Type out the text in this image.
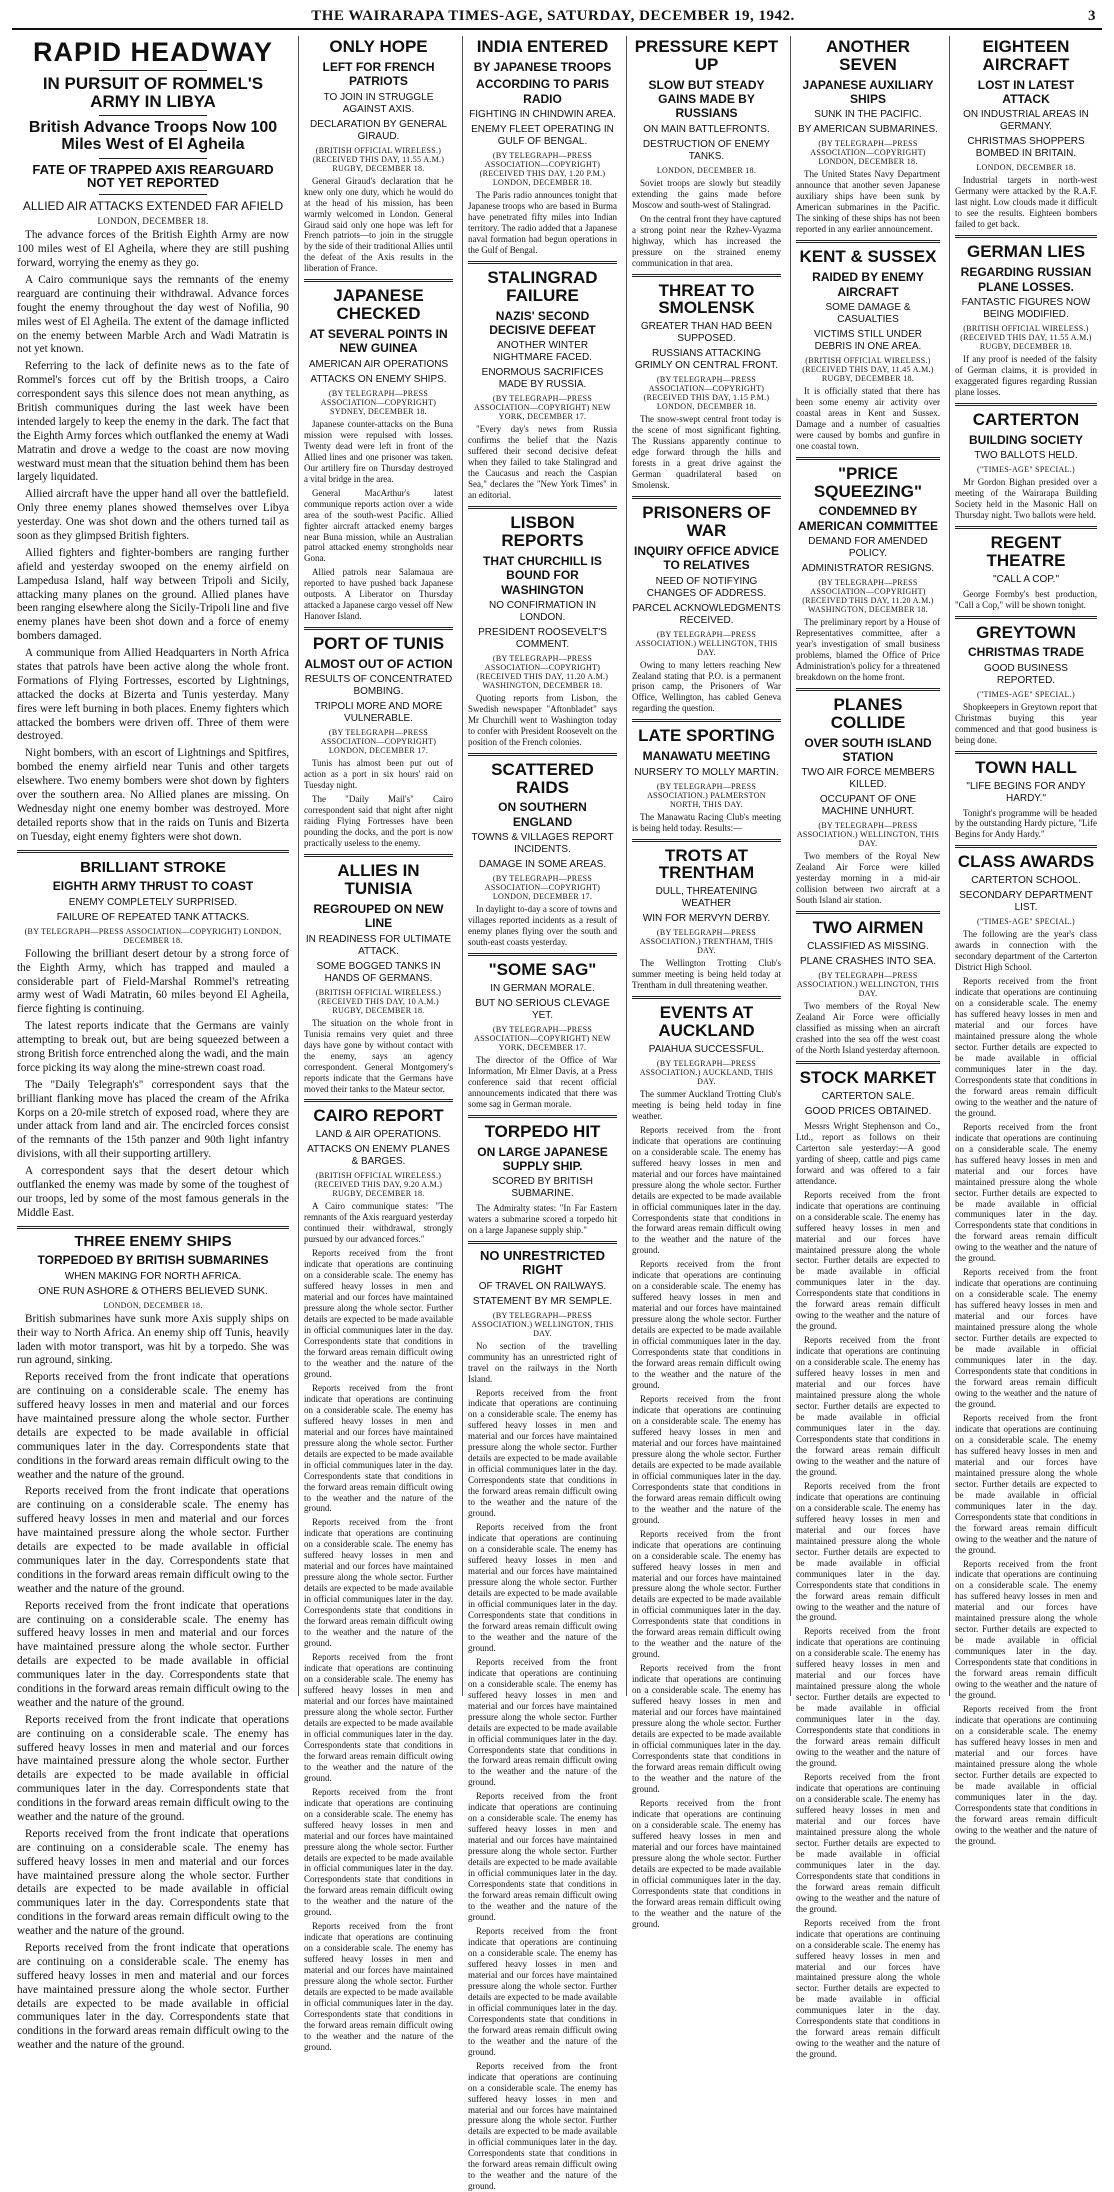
THE WAIRARAPA TIMES-AGE, SATURDAY, DECEMBER 19, 1942.	3
RAPID HEADWAY
IN PURSUIT OF ROMMEL'S ARMY IN LIBYA
British Advance Troops Now 100 Miles West of El Agheila
FATE OF TRAPPED AXIS REARGUARD NOT YET REPORTED
ALLIED AIR ATTACKS EXTENDED FAR AFIELD
LONDON, DECEMBER 18.

The advance forces of the British Eighth Army are now 100 miles west of El Agheila, where they are still pushing forward, worrying the enemy as they go.

A Cairo communique says the remnants of the enemy rearguard are continuing their withdrawal. Advance forces fought the enemy throughout the day west of Nofilia, 90 miles west of El Agheila. The extent of the damage inflicted on the enemy between Marble Arch and Wadi Matratin is not yet known.

Referring to the lack of definite news as to the fate of Rommel's forces cut off by the British troops, a Cairo correspondent says this silence does not mean anything, as British communiques during the last week have been intended largely to keep the enemy in the dark. The fact that the Eighth Army forces which outflanked the enemy at Wadi Matratin and drove a wedge to the coast are now moving westward must mean that the situation behind them has been largely liquidated.

Allied aircraft have the upper hand all over the battlefield. Only three enemy planes showed themselves over Libya yesterday. One was shot down and the others turned tail as soon as they glimpsed British fighters.

Allied fighters and fighter-bombers are ranging further afield and yesterday swooped on the enemy airfield on Lampedusa Island, half way between Tripoli and Sicily, attacking many planes on the ground. Allied planes have been ranging elsewhere along the Sicily-Tripoli line and five enemy planes have been shot down and a force of enemy bombers damaged.

A communique from Allied Headquarters in North Africa states that patrols have been active along the whole front. Formations of Flying Fortresses, escorted by Lightnings, attacked the docks at Bizerta and Tunis yesterday. Many fires were left burning in both places. Enemy fighters which attacked the bombers were driven off. Three of them were destroyed.

Night bombers, with an escort of Lightnings and Spitfires, bombed the enemy airfield near Tunis and other targets elsewhere. Two enemy bombers were shot down by fighters over the southern area. No Allied planes are missing. On Wednesday night one enemy bomber was destroyed. More detailed reports show that in the raids on Tunis and Bizerta on Tuesday, eight enemy fighters were shot down.

BRILLIANT STROKE
EIGHTH ARMY THRUST TO COAST
ENEMY COMPLETELY SURPRISED.
FAILURE OF REPEATED TANK ATTACKS.
(BY TELEGRAPH—PRESS ASSOCIATION—COPYRIGHT) LONDON, DECEMBER 18.

Following the brilliant desert detour by a strong force of the Eighth Army, which has trapped and mauled a considerable part of Field-Marshal Rommel's retreating army west of Wadi Matratin, 60 miles beyond El Agheila, fierce fighting is continuing.

The latest reports indicate that the Germans are vainly attempting to break out, but are being squeezed between a strong British force entrenched along the wadi, and the main force picking its way along the mine-strewn coast road.

The "Daily Telegraph's" correspondent says that the brilliant flanking move has placed the cream of the Afrika Korps on a 20-mile stretch of exposed road, where they are under attack from land and air. The encircled forces consist of the remnants of the 15th panzer and 90th light infantry divisions, with all their supporting artillery.

A correspondent says that the desert detour which outflanked the enemy was made by some of the toughest of our troops, led by some of the most famous generals in the Middle East.

THREE ENEMY SHIPS
TORPEDOED BY BRITISH SUBMARINES
WHEN MAKING FOR NORTH AFRICA.
ONE RUN ASHORE & OTHERS BELIEVED SUNK.
LONDON, DECEMBER 18.

British submarines have sunk more Axis supply ships on their way to North Africa. An enemy ship off Tunis, heavily laden with motor transport, was hit by a torpedo. She was run aground, sinking.

Reports received from the front indicate that operations are continuing on a considerable scale. The enemy has suffered heavy losses in men and material and our forces have maintained pressure along the whole sector. Further details are expected to be made available in official communiques later in the day. Correspondents state that conditions in the forward areas remain difficult owing to the weather and the nature of the ground.

Reports received from the front indicate that operations are continuing on a considerable scale. The enemy has suffered heavy losses in men and material and our forces have maintained pressure along the whole sector. Further details are expected to be made available in official communiques later in the day. Correspondents state that conditions in the forward areas remain difficult owing to the weather and the nature of the ground.

Reports received from the front indicate that operations are continuing on a considerable scale. The enemy has suffered heavy losses in men and material and our forces have maintained pressure along the whole sector. Further details are expected to be made available in official communiques later in the day. Correspondents state that conditions in the forward areas remain difficult owing to the weather and the nature of the ground.

Reports received from the front indicate that operations are continuing on a considerable scale. The enemy has suffered heavy losses in men and material and our forces have maintained pressure along the whole sector. Further details are expected to be made available in official communiques later in the day. Correspondents state that conditions in the forward areas remain difficult owing to the weather and the nature of the ground.

Reports received from the front indicate that operations are continuing on a considerable scale. The enemy has suffered heavy losses in men and material and our forces have maintained pressure along the whole sector. Further details are expected to be made available in official communiques later in the day. Correspondents state that conditions in the forward areas remain difficult owing to the weather and the nature of the ground.

Reports received from the front indicate that operations are continuing on a considerable scale. The enemy has suffered heavy losses in men and material and our forces have maintained pressure along the whole sector. Further details are expected to be made available in official communiques later in the day. Correspondents state that conditions in the forward areas remain difficult owing to the weather and the nature of the ground.

ONLY HOPE
LEFT FOR FRENCH PATRIOTS
TO JOIN IN STRUGGLE AGAINST AXIS.
DECLARATION BY GENERAL GIRAUD.
(BRITISH OFFICIAL WIRELESS.) (RECEIVED THIS DAY, 11.55 A.M.) RUGBY, DECEMBER 18.

General Giraud's declaration that he knew only one duty, which he would do at the head of his mission, has been warmly welcomed in London. General Giraud said only one hope was left for French patriots—to join in the struggle by the side of their traditional Allies until the defeat of the Axis results in the liberation of France.

JAPANESE CHECKED
AT SEVERAL POINTS IN NEW GUINEA
AMERICAN AIR OPERATIONS
ATTACKS ON ENEMY SHIPS.
(BY TELEGRAPH—PRESS ASSOCIATION—COPYRIGHT) SYDNEY, DECEMBER 18.

Japanese counter-attacks on the Buna mission were repulsed with losses. Twenty dead were left in front of the Allied lines and one prisoner was taken. Our artillery fire on Thursday destroyed a vital bridge in the area.

General MacArthur's latest communique reports action over a wide area of the south-west Pacific. Allied fighter aircraft attacked enemy barges near Buna mission, while an Australian patrol attacked enemy strongholds near Gona.

Allied patrols near Salamaua are reported to have pushed back Japanese outposts. A Liberator on Thursday attacked a Japanese cargo vessel off New Hanover Island.

PORT OF TUNIS
ALMOST OUT OF ACTION
RESULTS OF CONCENTRATED BOMBING.
TRIPOLI MORE AND MORE VULNERABLE.
(BY TELEGRAPH—PRESS ASSOCIATION—COPYRIGHT) LONDON, DECEMBER 17.

Tunis has almost been put out of action as a port in six hours' raid on Tuesday night.

The "Daily Mail's" Cairo correspondent said that night after night raiding Flying Fortresses have been pounding the docks, and the port is now practically useless to the enemy.

ALLIES IN TUNISIA
REGROUPED ON NEW LINE
IN READINESS FOR ULTIMATE ATTACK.
SOME BOGGED TANKS IN HANDS OF GERMANS.
(BRITISH OFFICIAL WIRELESS.) (RECEIVED THIS DAY, 10 A.M.) RUGBY, DECEMBER 18.

The situation on the whole front in Tunisia remains very quiet and three days have gone by without contact with the enemy, says an agency correspondent. General Montgomery's reports indicate that the Germans have moved their tanks to the Mateur sector.

CAIRO REPORT
LAND & AIR OPERATIONS.
ATTACKS ON ENEMY PLANES & BARGES.
(BRITISH OFFICIAL WIRELESS.) (RECEIVED THIS DAY, 9.20 A.M.) RUGBY, DECEMBER 18.

A Cairo communique states: "The remnants of the Axis rearguard yesterday continued their withdrawal, strongly pursued by our advanced forces."

Reports received from the front indicate that operations are continuing on a considerable scale. The enemy has suffered heavy losses in men and material and our forces have maintained pressure along the whole sector. Further details are expected to be made available in official communiques later in the day. Correspondents state that conditions in the forward areas remain difficult owing to the weather and the nature of the ground.

Reports received from the front indicate that operations are continuing on a considerable scale. The enemy has suffered heavy losses in men and material and our forces have maintained pressure along the whole sector. Further details are expected to be made available in official communiques later in the day. Correspondents state that conditions in the forward areas remain difficult owing to the weather and the nature of the ground.

Reports received from the front indicate that operations are continuing on a considerable scale. The enemy has suffered heavy losses in men and material and our forces have maintained pressure along the whole sector. Further details are expected to be made available in official communiques later in the day. Correspondents state that conditions in the forward areas remain difficult owing to the weather and the nature of the ground.

Reports received from the front indicate that operations are continuing on a considerable scale. The enemy has suffered heavy losses in men and material and our forces have maintained pressure along the whole sector. Further details are expected to be made available in official communiques later in the day. Correspondents state that conditions in the forward areas remain difficult owing to the weather and the nature of the ground.

Reports received from the front indicate that operations are continuing on a considerable scale. The enemy has suffered heavy losses in men and material and our forces have maintained pressure along the whole sector. Further details are expected to be made available in official communiques later in the day. Correspondents state that conditions in the forward areas remain difficult owing to the weather and the nature of the ground.

Reports received from the front indicate that operations are continuing on a considerable scale. The enemy has suffered heavy losses in men and material and our forces have maintained pressure along the whole sector. Further details are expected to be made available in official communiques later in the day. Correspondents state that conditions in the forward areas remain difficult owing to the weather and the nature of the ground.

INDIA ENTERED
BY JAPANESE TROOPS
ACCORDING TO PARIS RADIO
FIGHTING IN CHINDWIN AREA.
ENEMY FLEET OPERATING IN GULF OF BENGAL.
(BY TELEGRAPH—PRESS ASSOCIATION—COPYRIGHT) (RECEIVED THIS DAY, 1.20 P.M.) LONDON, DECEMBER 18.

The Paris radio announces tonight that Japanese troops who are based in Burma have penetrated fifty miles into Indian territory. The radio added that a Japanese naval formation had begun operations in the Gulf of Bengal.

STALINGRAD FAILURE
NAZIS' SECOND DECISIVE DEFEAT
ANOTHER WINTER NIGHTMARE FACED.
ENORMOUS SACRIFICES MADE BY RUSSIA.
(BY TELEGRAPH—PRESS ASSOCIATION—COPYRIGHT) NEW YORK, DECEMBER 17.

"Every day's news from Russia confirms the belief that the Nazis suffered their second decisive defeat when they failed to take Stalingrad and the Caucasus and reach the Caspian Sea," declares the "New York Times" in an editorial.

LISBON REPORTS
THAT CHURCHILL IS BOUND FOR WASHINGTON
NO CONFIRMATION IN LONDON.
PRESIDENT ROOSEVELT'S COMMENT.
(BY TELEGRAPH—PRESS ASSOCIATION—COPYRIGHT) (RECEIVED THIS DAY, 11.20 A.M.) WASHINGTON, DECEMBER 18.

Quoting reports from Lisbon, the Swedish newspaper "Aftonbladet" says Mr Churchill went to Washington today to confer with President Roosevelt on the position of the French colonies.

SCATTERED RAIDS
ON SOUTHERN ENGLAND
TOWNS & VILLAGES REPORT INCIDENTS.
DAMAGE IN SOME AREAS.
(BY TELEGRAPH—PRESS ASSOCIATION—COPYRIGHT) LONDON, DECEMBER 17.

In daylight to-day a score of towns and villages reported incidents as a result of enemy planes flying over the south and south-east coasts yesterday.

"SOME SAG"
IN GERMAN MORALE.
BUT NO SERIOUS CLEVAGE YET.
(BY TELEGRAPH—PRESS ASSOCIATION—COPYRIGHT) NEW YORK, DECEMBER 17.

The director of the Office of War Information, Mr Elmer Davis, at a Press conference said that recent official announcements indicated that there was some sag in German morale.

TORPEDO HIT
ON LARGE JAPANESE SUPPLY SHIP.
SCORED BY BRITISH SUBMARINE.

The Admiralty states: "In Far Eastern waters a submarine scored a torpedo hit on a large Japanese supply ship."

NO UNRESTRICTED RIGHT
OF TRAVEL ON RAILWAYS.
STATEMENT BY MR SEMPLE.
(BY TELEGRAPH—PRESS ASSOCIATION.) WELLINGTON, THIS DAY.

No section of the travelling community has an unrestricted right of travel on the railways in the North Island.

Reports received from the front indicate that operations are continuing on a considerable scale. The enemy has suffered heavy losses in men and material and our forces have maintained pressure along the whole sector. Further details are expected to be made available in official communiques later in the day. Correspondents state that conditions in the forward areas remain difficult owing to the weather and the nature of the ground.

Reports received from the front indicate that operations are continuing on a considerable scale. The enemy has suffered heavy losses in men and material and our forces have maintained pressure along the whole sector. Further details are expected to be made available in official communiques later in the day. Correspondents state that conditions in the forward areas remain difficult owing to the weather and the nature of the ground.

Reports received from the front indicate that operations are continuing on a considerable scale. The enemy has suffered heavy losses in men and material and our forces have maintained pressure along the whole sector. Further details are expected to be made available in official communiques later in the day. Correspondents state that conditions in the forward areas remain difficult owing to the weather and the nature of the ground.

Reports received from the front indicate that operations are continuing on a considerable scale. The enemy has suffered heavy losses in men and material and our forces have maintained pressure along the whole sector. Further details are expected to be made available in official communiques later in the day. Correspondents state that conditions in the forward areas remain difficult owing to the weather and the nature of the ground.

Reports received from the front indicate that operations are continuing on a considerable scale. The enemy has suffered heavy losses in men and material and our forces have maintained pressure along the whole sector. Further details are expected to be made available in official communiques later in the day. Correspondents state that conditions in the forward areas remain difficult owing to the weather and the nature of the ground.

Reports received from the front indicate that operations are continuing on a considerable scale. The enemy has suffered heavy losses in men and material and our forces have maintained pressure along the whole sector. Further details are expected to be made available in official communiques later in the day. Correspondents state that conditions in the forward areas remain difficult owing to the weather and the nature of the ground.

PRESSURE KEPT UP
SLOW BUT STEADY GAINS MADE BY RUSSIANS
ON MAIN BATTLEFRONTS.
DESTRUCTION OF ENEMY TANKS.
LONDON, DECEMBER 18.

Soviet troops are slowly but steadily extending the gains made before Moscow and south-west of Stalingrad.

On the central front they have captured a strong point near the Rzhev-Vyazma highway, which has increased the pressure on the strained enemy communication in that area.

THREAT TO SMOLENSK
GREATER THAN HAD BEEN SUPPOSED.
RUSSIANS ATTACKING GRIMLY ON CENTRAL FRONT.
(BY TELEGRAPH—PRESS ASSOCIATION—COPYRIGHT) (RECEIVED THIS DAY, 1.15 P.M.) LONDON, DECEMBER 18.

The snow-swept central front today is the scene of most significant fighting. The Russians apparently continue to edge forward through the hills and forests in a great drive against the German quadrilateral based on Smolensk.

PRISONERS OF WAR
INQUIRY OFFICE ADVICE TO RELATIVES
NEED OF NOTIFYING CHANGES OF ADDRESS.
PARCEL ACKNOWLEDGMENTS RECEIVED.
(BY TELEGRAPH—PRESS ASSOCIATION.) WELLINGTON, THIS DAY.

Owing to many letters reaching New Zealand stating that P.O. is a permanent prison camp, the Prisoners of War Office, Wellington, has cabled Geneva regarding the question.

LATE SPORTING
MANAWATU MEETING
NURSERY TO MOLLY MARTIN.
(BY TELEGRAPH—PRESS ASSOCIATION.) PALMERSTON NORTH, THIS DAY.

The Manawatu Racing Club's meeting is being held today. Results:—

TROTS AT TRENTHAM
DULL, THREATENING WEATHER
WIN FOR MERVYN DERBY.
(BY TELEGRAPH—PRESS ASSOCIATION.) TRENTHAM, THIS DAY.

The Wellington Trotting Club's summer meeting is being held today at Trentham in dull threatening weather.

EVENTS AT AUCKLAND
PAIAHUA SUCCESSFUL.
(BY TELEGRAPH—PRESS ASSOCIATION.) AUCKLAND, THIS DAY.

The summer Auckland Trotting Club's meeting is being held today in fine weather.

Reports received from the front indicate that operations are continuing on a considerable scale. The enemy has suffered heavy losses in men and material and our forces have maintained pressure along the whole sector. Further details are expected to be made available in official communiques later in the day. Correspondents state that conditions in the forward areas remain difficult owing to the weather and the nature of the ground.

Reports received from the front indicate that operations are continuing on a considerable scale. The enemy has suffered heavy losses in men and material and our forces have maintained pressure along the whole sector. Further details are expected to be made available in official communiques later in the day. Correspondents state that conditions in the forward areas remain difficult owing to the weather and the nature of the ground.

Reports received from the front indicate that operations are continuing on a considerable scale. The enemy has suffered heavy losses in men and material and our forces have maintained pressure along the whole sector. Further details are expected to be made available in official communiques later in the day. Correspondents state that conditions in the forward areas remain difficult owing to the weather and the nature of the ground.

Reports received from the front indicate that operations are continuing on a considerable scale. The enemy has suffered heavy losses in men and material and our forces have maintained pressure along the whole sector. Further details are expected to be made available in official communiques later in the day. Correspondents state that conditions in the forward areas remain difficult owing to the weather and the nature of the ground.

Reports received from the front indicate that operations are continuing on a considerable scale. The enemy has suffered heavy losses in men and material and our forces have maintained pressure along the whole sector. Further details are expected to be made available in official communiques later in the day. Correspondents state that conditions in the forward areas remain difficult owing to the weather and the nature of the ground.

Reports received from the front indicate that operations are continuing on a considerable scale. The enemy has suffered heavy losses in men and material and our forces have maintained pressure along the whole sector. Further details are expected to be made available in official communiques later in the day. Correspondents state that conditions in the forward areas remain difficult owing to the weather and the nature of the ground.

ANOTHER SEVEN
JAPANESE AUXILIARY SHIPS
SUNK IN THE PACIFIC.
BY AMERICAN SUBMARINES.
(BY TELEGRAPH—PRESS ASSOCIATION—COPYRIGHT) LONDON, DECEMBER 18.

The United States Navy Department announce that another seven Japanese auxiliary ships have been sunk by American submarines in the Pacific. The sinking of these ships has not been reported in any earlier announcement.

KENT & SUSSEX
RAIDED BY ENEMY AIRCRAFT
SOME DAMAGE & CASUALTIES
VICTIMS STILL UNDER DEBRIS IN ONE AREA.
(BRITISH OFFICIAL WIRELESS.) (RECEIVED THIS DAY, 11.45 A.M.) RUGBY, DECEMBER 18.

It is officially stated that there has been some enemy air activity over coastal areas in Kent and Sussex. Damage and a number of casualties were caused by bombs and gunfire in one coastal town.

"PRICE SQUEEZING"
CONDEMNED BY AMERICAN COMMITTEE
DEMAND FOR AMENDED POLICY.
ADMINISTRATOR RESIGNS.
(BY TELEGRAPH—PRESS ASSOCIATION—COPYRIGHT) (RECEIVED THIS DAY, 11.20 A.M.) WASHINGTON, DECEMBER 18.

The preliminary report by a House of Representatives committee, after a year's investigation of small business problems, blamed the Office of Price Administration's policy for a threatened breakdown on the home front.

PLANES COLLIDE
OVER SOUTH ISLAND STATION
TWO AIR FORCE MEMBERS KILLED.
OCCUPANT OF ONE MACHINE UNHURT.
(BY TELEGRAPH—PRESS ASSOCIATION.) WELLINGTON, THIS DAY.

Two members of the Royal New Zealand Air Force were killed yesterday morning in a mid-air collision between two aircraft at a South Island air station.

TWO AIRMEN
CLASSIFIED AS MISSING.
PLANE CRASHES INTO SEA.
(BY TELEGRAPH—PRESS ASSOCIATION.) WELLINGTON, THIS DAY.

Two members of the Royal New Zealand Air Force were officially classified as missing when an aircraft crashed into the sea off the west coast of the North Island yesterday afternoon.

STOCK MARKET
CARTERTON SALE.
GOOD PRICES OBTAINED.

Messrs Wright Stephenson and Co., Ltd., report as follows on their Carterton sale yesterday:—A good yarding of sheep, cattle and pigs came forward and was offered to a fair attendance.

Reports received from the front indicate that operations are continuing on a considerable scale. The enemy has suffered heavy losses in men and material and our forces have maintained pressure along the whole sector. Further details are expected to be made available in official communiques later in the day. Correspondents state that conditions in the forward areas remain difficult owing to the weather and the nature of the ground.

Reports received from the front indicate that operations are continuing on a considerable scale. The enemy has suffered heavy losses in men and material and our forces have maintained pressure along the whole sector. Further details are expected to be made available in official communiques later in the day. Correspondents state that conditions in the forward areas remain difficult owing to the weather and the nature of the ground.

Reports received from the front indicate that operations are continuing on a considerable scale. The enemy has suffered heavy losses in men and material and our forces have maintained pressure along the whole sector. Further details are expected to be made available in official communiques later in the day. Correspondents state that conditions in the forward areas remain difficult owing to the weather and the nature of the ground.

Reports received from the front indicate that operations are continuing on a considerable scale. The enemy has suffered heavy losses in men and material and our forces have maintained pressure along the whole sector. Further details are expected to be made available in official communiques later in the day. Correspondents state that conditions in the forward areas remain difficult owing to the weather and the nature of the ground.

Reports received from the front indicate that operations are continuing on a considerable scale. The enemy has suffered heavy losses in men and material and our forces have maintained pressure along the whole sector. Further details are expected to be made available in official communiques later in the day. Correspondents state that conditions in the forward areas remain difficult owing to the weather and the nature of the ground.

Reports received from the front indicate that operations are continuing on a considerable scale. The enemy has suffered heavy losses in men and material and our forces have maintained pressure along the whole sector. Further details are expected to be made available in official communiques later in the day. Correspondents state that conditions in the forward areas remain difficult owing to the weather and the nature of the ground.

EIGHTEEN AIRCRAFT
LOST IN LATEST ATTACK
ON INDUSTRIAL AREAS IN GERMANY.
CHRISTMAS SHOPPERS BOMBED IN BRITAIN.
LONDON, DECEMBER 18.

Industrial targets in north-west Germany were attacked by the R.A.F. last night. Low clouds made it difficult to see the results. Eighteen bombers failed to get back.

GERMAN LIES
REGARDING RUSSIAN PLANE LOSSES.
FANTASTIC FIGURES NOW BEING MODIFIED.
(BRITISH OFFICIAL WIRELESS.) (RECEIVED THIS DAY, 11.55 A.M.) RUGBY, DECEMBER 18.

If any proof is needed of the falsity of German claims, it is provided in exaggerated figures regarding Russian plane losses.

CARTERTON
BUILDING SOCIETY
TWO BALLOTS HELD.
("TIMES-AGE" SPECIAL.)

Mr Gordon Bighan presided over a meeting of the Wairarapa Building Society held in the Masonic Hall on Thursday night. Two ballots were held.

REGENT THEATRE
"CALL A COP."

George Formby's best production, "Call a Cop," will be shown tonight.

GREYTOWN
CHRISTMAS TRADE
GOOD BUSINESS REPORTED.
("TIMES-AGE" SPECIAL.)

Shopkeepers in Greytown report that Christmas buying this year commenced and that good business is being done.

TOWN HALL
"LIFE BEGINS FOR ANDY HARDY."

Tonight's programme will be headed by the outstanding Hardy picture, "Life Begins for Andy Hardy."

CLASS AWARDS
CARTERTON SCHOOL.
SECONDARY DEPARTMENT LIST.
("TIMES-AGE" SPECIAL.)

The following are the year's class awards in connection with the secondary department of the Carterton District High School.

Reports received from the front indicate that operations are continuing on a considerable scale. The enemy has suffered heavy losses in men and material and our forces have maintained pressure along the whole sector. Further details are expected to be made available in official communiques later in the day. Correspondents state that conditions in the forward areas remain difficult owing to the weather and the nature of the ground.

Reports received from the front indicate that operations are continuing on a considerable scale. The enemy has suffered heavy losses in men and material and our forces have maintained pressure along the whole sector. Further details are expected to be made available in official communiques later in the day. Correspondents state that conditions in the forward areas remain difficult owing to the weather and the nature of the ground.

Reports received from the front indicate that operations are continuing on a considerable scale. The enemy has suffered heavy losses in men and material and our forces have maintained pressure along the whole sector. Further details are expected to be made available in official communiques later in the day. Correspondents state that conditions in the forward areas remain difficult owing to the weather and the nature of the ground.

Reports received from the front indicate that operations are continuing on a considerable scale. The enemy has suffered heavy losses in men and material and our forces have maintained pressure along the whole sector. Further details are expected to be made available in official communiques later in the day. Correspondents state that conditions in the forward areas remain difficult owing to the weather and the nature of the ground.

Reports received from the front indicate that operations are continuing on a considerable scale. The enemy has suffered heavy losses in men and material and our forces have maintained pressure along the whole sector. Further details are expected to be made available in official communiques later in the day. Correspondents state that conditions in the forward areas remain difficult owing to the weather and the nature of the ground.

Reports received from the front indicate that operations are continuing on a considerable scale. The enemy has suffered heavy losses in men and material and our forces have maintained pressure along the whole sector. Further details are expected to be made available in official communiques later in the day. Correspondents state that conditions in the forward areas remain difficult owing to the weather and the nature of the ground.
